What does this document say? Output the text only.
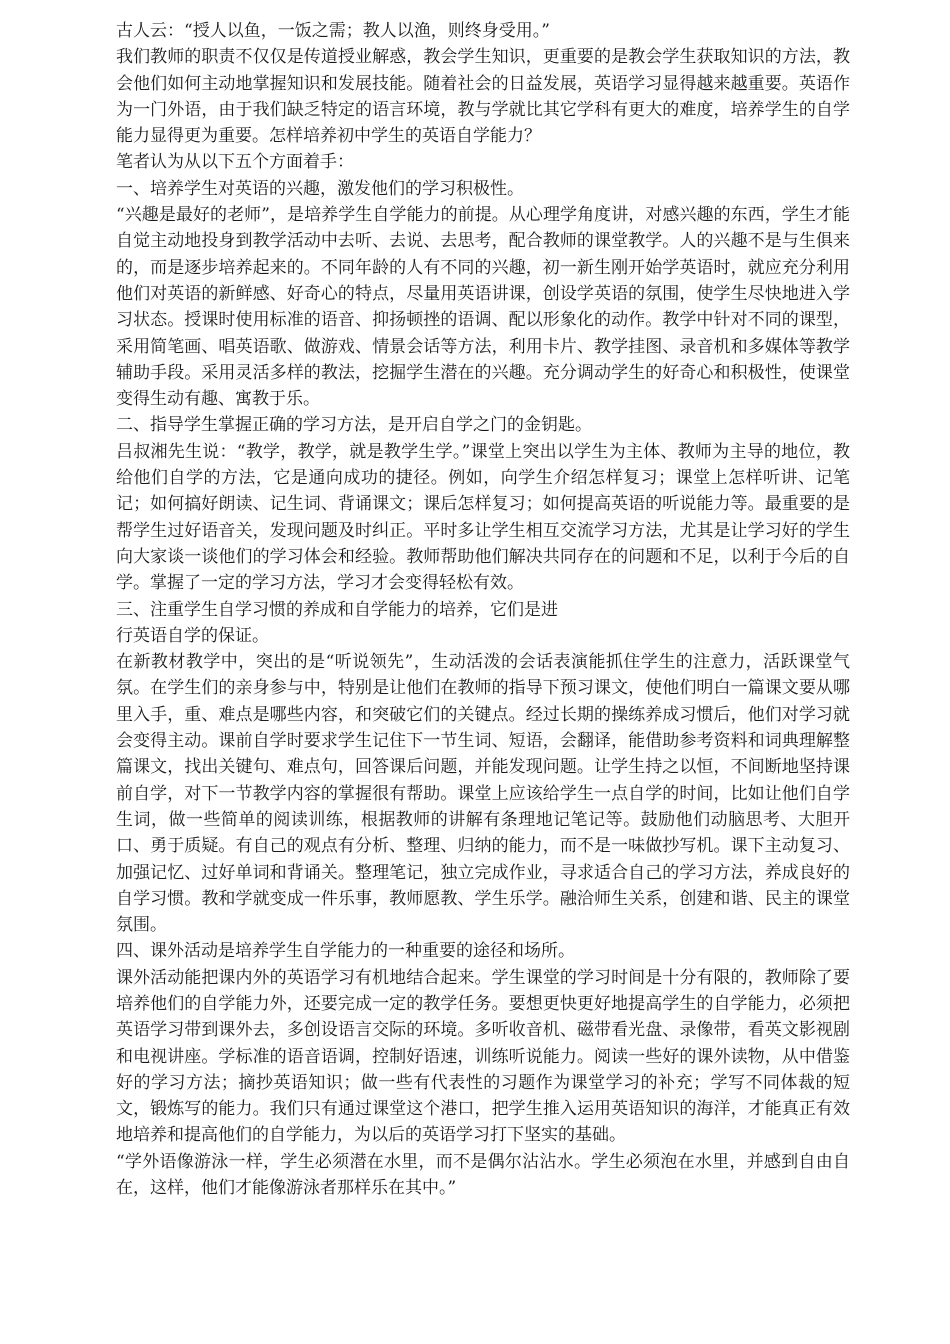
古人云：“授人以鱼，一饭之需；教人以渔，则终身受用。”

我们教师的职责不仅仅是传道授业解惑，教会学生知识，更重要的是教会学生获取知识的方法，教会他们如何主动地掌握知识和发展技能。随着社会的日益发展，英语学习显得越来越重要。英语作为一门外语，由于我们缺乏特定的语言环境，教与学就比其它学科有更大的难度，培养学生的自学能力显得更为重要。怎样培养初中学生的英语自学能力？

笔者认为从以下五个方面着手：

一、培养学生对英语的兴趣，激发他们的学习积极性。

“兴趣是最好的老师”，是培养学生自学能力的前提。从心理学角度讲，对感兴趣的东西，学生才能自觉主动地投身到教学活动中去听、去说、去思考，配合教师的课堂教学。人的兴趣不是与生俱来的，而是逐步培养起来的。不同年龄的人有不同的兴趣，初一新生刚开始学英语时，就应充分利用他们对英语的新鲜感、好奇心的特点，尽量用英语讲课，创设学英语的氛围，使学生尽快地进入学习状态。授课时使用标准的语音、抑扬顿挫的语调、配以形象化的动作。教学中针对不同的课型，采用简笔画、唱英语歌、做游戏、情景会话等方法，利用卡片、教学挂图、录音机和多媒体等教学辅助手段。采用灵活多样的教法，挖掘学生潜在的兴趣。充分调动学生的好奇心和积极性，使课堂变得生动有趣、寓教于乐。

二、指导学生掌握正确的学习方法，是开启自学之门的金钥匙。

吕叔湘先生说：“教学，教学，就是教学生学。”课堂上突出以学生为主体、教师为主导的地位，教给他们自学的方法，它是通向成功的捷径。例如，向学生介绍怎样复习；课堂上怎样听讲、记笔记；如何搞好朗读、记生词、背诵课文；课后怎样复习；如何提高英语的听说能力等。最重要的是帮学生过好语音关，发现问题及时纠正。平时多让学生相互交流学习方法，尤其是让学习好的学生向大家谈一谈他们的学习体会和经验。教师帮助他们解决共同存在的问题和不足，以利于今后的自学。掌握了一定的学习方法，学习才会变得轻松有效。

三、注重学生自学习惯的养成和自学能力的培养，它们是进

行英语自学的保证。

在新教材教学中，突出的是“听说领先”，生动活泼的会话表演能抓住学生的注意力，活跃课堂气氛。在学生们的亲身参与中，特别是让他们在教师的指导下预习课文，使他们明白一篇课文要从哪里入手，重、难点是哪些内容，和突破它们的关键点。经过长期的操练养成习惯后，他们对学习就会变得主动。课前自学时要求学生记住下一节生词、短语，会翻译，能借助参考资料和词典理解整篇课文，找出关键句、难点句，回答课后问题，并能发现问题。让学生持之以恒，不间断地坚持课前自学，对下一节教学内容的掌握很有帮助。课堂上应该给学生一点自学的时间，比如让他们自学生词，做一些简单的阅读训练，根据教师的讲解有条理地记笔记等。鼓励他们动脑思考、大胆开口、勇于质疑。有自己的观点有分析、整理、归纳的能力，而不是一味做抄写机。课下主动复习、加强记忆、过好单词和背诵关。整理笔记，独立完成作业，寻求适合自己的学习方法，养成良好的自学习惯。教和学就变成一件乐事，教师愿教、学生乐学。融洽师生关系，创建和谐、民主的课堂氛围。

四、课外活动是培养学生自学能力的一种重要的途径和场所。

课外活动能把课内外的英语学习有机地结合起来。学生课堂的学习时间是十分有限的，教师除了要培养他们的自学能力外，还要完成一定的教学任务。要想更快更好地提高学生的自学能力，必须把英语学习带到课外去，多创设语言交际的环境。多听收音机、磁带看光盘、录像带，看英文影视剧和电视讲座。学标准的语音语调，控制好语速，训练听说能力。阅读一些好的课外读物，从中借鉴好的学习方法；摘抄英语知识；做一些有代表性的习题作为课堂学习的补充；学写不同体裁的短文，锻炼写的能力。我们只有通过课堂这个港口，把学生推入运用英语知识的海洋，才能真正有效地培养和提高他们的自学能力，为以后的英语学习打下坚实的基础。

“学外语像游泳一样，学生必须潜在水里，而不是偶尔沾沾水。学生必须泡在水里，并感到自由自在，这样，他们才能像游泳者那样乐在其中。”
